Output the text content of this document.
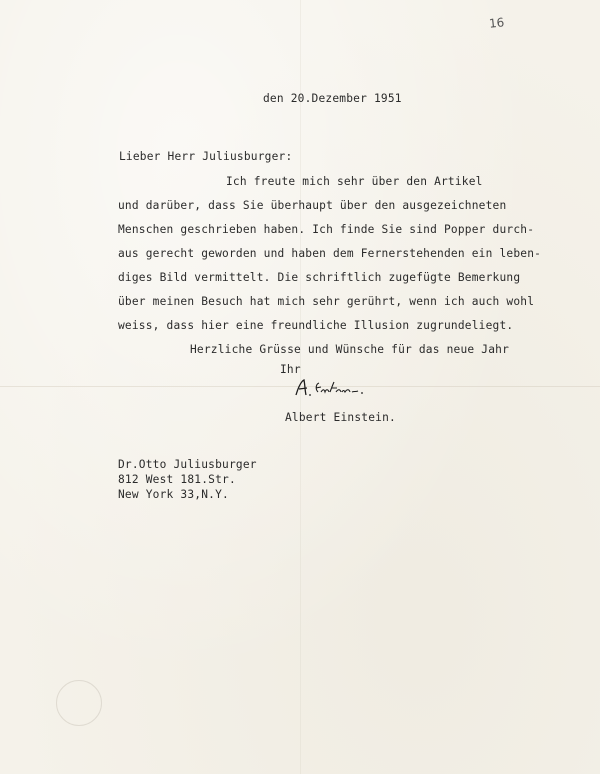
16
den 20.Dezember 1951
Lieber Herr Juliusburger:
Ich freute mich sehr über den Artikel
und darüber, dass Sie überhaupt über den ausgezeichneten
Menschen geschrieben haben. Ich finde Sie sind Popper durch-
aus gerecht geworden und haben dem Fernerstehenden ein leben-
diges Bild vermittelt. Die schriftlich zugefügte Bemerkung
über meinen Besuch hat mich sehr gerührt, wenn ich auch wohl
weiss, dass hier eine freundliche Illusion zugrundeliegt.
Herzliche Grüsse und Wünsche für das neue Jahr
Ihr
Albert Einstein.
Dr.Otto Juliusburger
812 West 181.Str.
New York 33,N.Y.
